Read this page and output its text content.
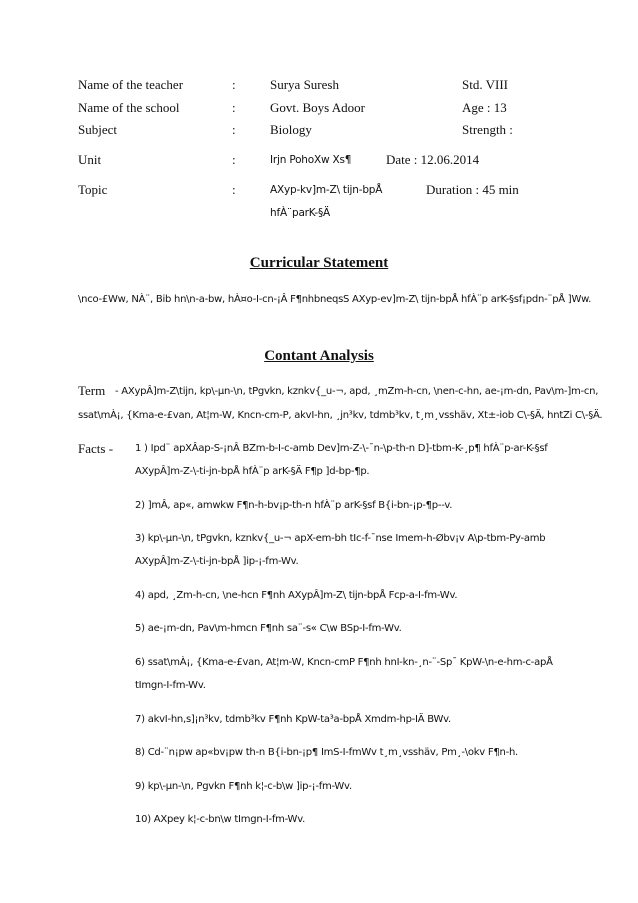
Name of the teacher	:	Surya Suresh	Std. VIII
Name of the school	:	Govt. Boys Adoor	Age : 13
Subject	:	Biology	Strength :
Unit	:	Irjn PohoXw Xs¶	Date : 12.06.2014
Topic	:	AXyp-kv]m-Z\ tijn-bpÅ	Duration : 45 min
hfÀ¨parK-§Ä
Curricular Statement
\nco-£Ww, NÀ¨, Bib hn\n-a-bw, hÀ¤o-I-cn-¡Â F¶nhbneqsS AXyp-ev]m-Z\ tijn-bpÅ hfÀ¨p arK-§sf¡pdn-¨pÅ ]Ww.
Contant Analysis
Term - AXypÂ]m-Z\tijn, kp\-µn-\n, tPgvkn, kznkv{_u-¬, apd, ¸mZm-h-cn, \nen-c-hn, ae-¡m-dn, Pav\m-]m-cn,
ssat\mÀ¡, {Kma-e-£van, At¦m-W, Kncn-cm-P, akvI-hn, ¸jn³kv, tdmb³kv, t¸m¸vsshäv, Xt±-iob C\-§Ä, hntZi C\-§Ä.
Facts - 1 ) Ipd¨ apXÂap-S-¡nÂ BZm-b-I-c-amb Dev]m-Z-\-¯n-\p-th-n D]-tbm-K-¸p¶ hfÀ¨p-ar-K-§sf AXypÂ]m-Z-\-ti-jn-bpÅ hfÀ¨p arK-§Ä F¶p ]d-bp-¶p.
2) ]mÂ, ap«, amwkw F¶n-h-bv¡p-th-n hfÀ¨p arK-§sf B{i-bn-¡p-¶p--v.
3) kp\-µn-\n, tPgvkn, kznkv{_u-¬ apX-em-bh tIc-f-¯nse Imem-h-Øbv¡v A\p-tbm-Py-amb AXypÂ]m-Z-\-ti-jn-bpÅ ]ip-¡-fm-Wv.
4) apd, ¸Zm-h-cn, \ne-hcn F¶nh AXypÂ]m-Z\ tijn-bpÅ Fcp-a-I-fm-Wv.
5) ae-¡m-dn, Pav\m-hmcn F¶nh sa¨-s« C\w BSp-I-fm-Wv.
6) ssat\mÀ¡, {Kma-e-£van, At¦m-W, Kncn-cmP F¶nh hnI-kn-¸n-¨-Sp¯ KpW-\n-e-hm-c-apÅ tImgn-I-fm-Wv.
7) akvI-hn,s]¡n³kv, tdmb³kv F¶nh KpW-ta³a-bpÅ Xmdm-hp-IÄ BWv.
8) Cd-¨n¡pw ap«bv¡pw th-n B{i-bn-¡p¶ ImS-I-fmWv t¸m¸vsshäv, Pm¸-\okv F¶n-h.
9) kp\-µn-\n, Pgvkn F¶nh k¦-c-b\w ]ip-¡-fm-Wv.
10) AXpey k¦-c-bn\w tImgn-I-fm-Wv.
